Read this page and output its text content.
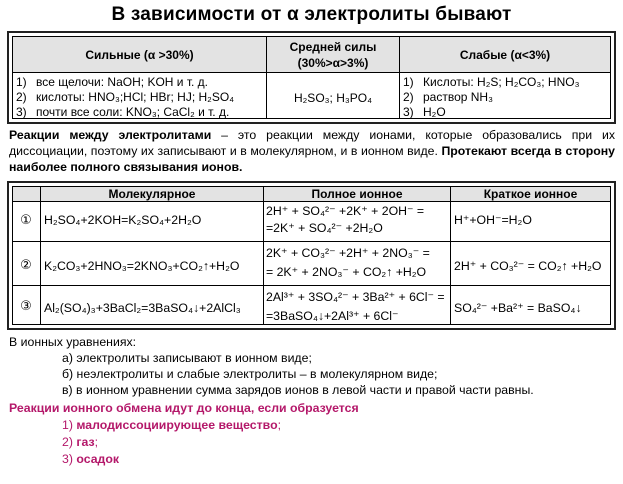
В зависимости от α электролиты бывают
Сильные (α >30%)
Средней силы
(30%>α>3%)
Слабые (α<3%)
1) все щелочи: NaOH; KOH и т. д.
2) кислоты: HNO₃;HCl; HBr; HJ; H₂SO₄
3) почти все соли: KNO₃; CaCl₂ и т. д.
H₂SO₃; H₃PO₄
1) Кислоты: H₂S; H₂CO₃; HNO₃
2) раствор NH₃
3) H₂O
Реакции между электролитами – это реакции между ионами, которые образовались при их диссоциации, поэтому их записывают и в молекулярном, и в ионном виде. Протекают всегда в сторону наиболее полного связывания ионов.
Молекулярное	Полное ионное	Краткое ионное
① H₂SO₄+2KOH=K₂SO₄+2H₂O
2H⁺ + SO₄²⁻ +2K⁺ + 2OH⁻ =
=2K⁺ + SO₄²⁻ +2H₂O
H⁺+OH⁻=H₂O
② K₂CO₃+2HNO₃=2KNO₃+CO₂↑+H₂O
2K⁺ + CO₃²⁻ +2H⁺ + 2NO₃⁻ =
= 2K⁺ + 2NO₃⁻ + CO₂↑ +H₂O 2H⁺ + CO₃²⁻ = CO₂↑ +H₂O
③ Al₂(SO₄)₃+3BaCl₂=3BaSO₄↓+2AlCl₃
2Al³⁺ + 3SO₄²⁻ + 3Ba²⁺ + 6Cl⁻ =
=3BaSO₄↓+2Al³⁺ + 6Cl⁻
SO₄²⁻ +Ba²⁺ = BaSO₄↓
В ионных уравнениях:
а) электролиты записывают в ионном виде;
б) неэлектролиты и слабые электролиты – в молекулярном виде;
в) в ионном уравнении сумма зарядов ионов в левой части и правой части равны.
Реакции ионного обмена идут до конца, если образуется
1) малодиссоциирующее вещество;
2) газ;
3) осадок
